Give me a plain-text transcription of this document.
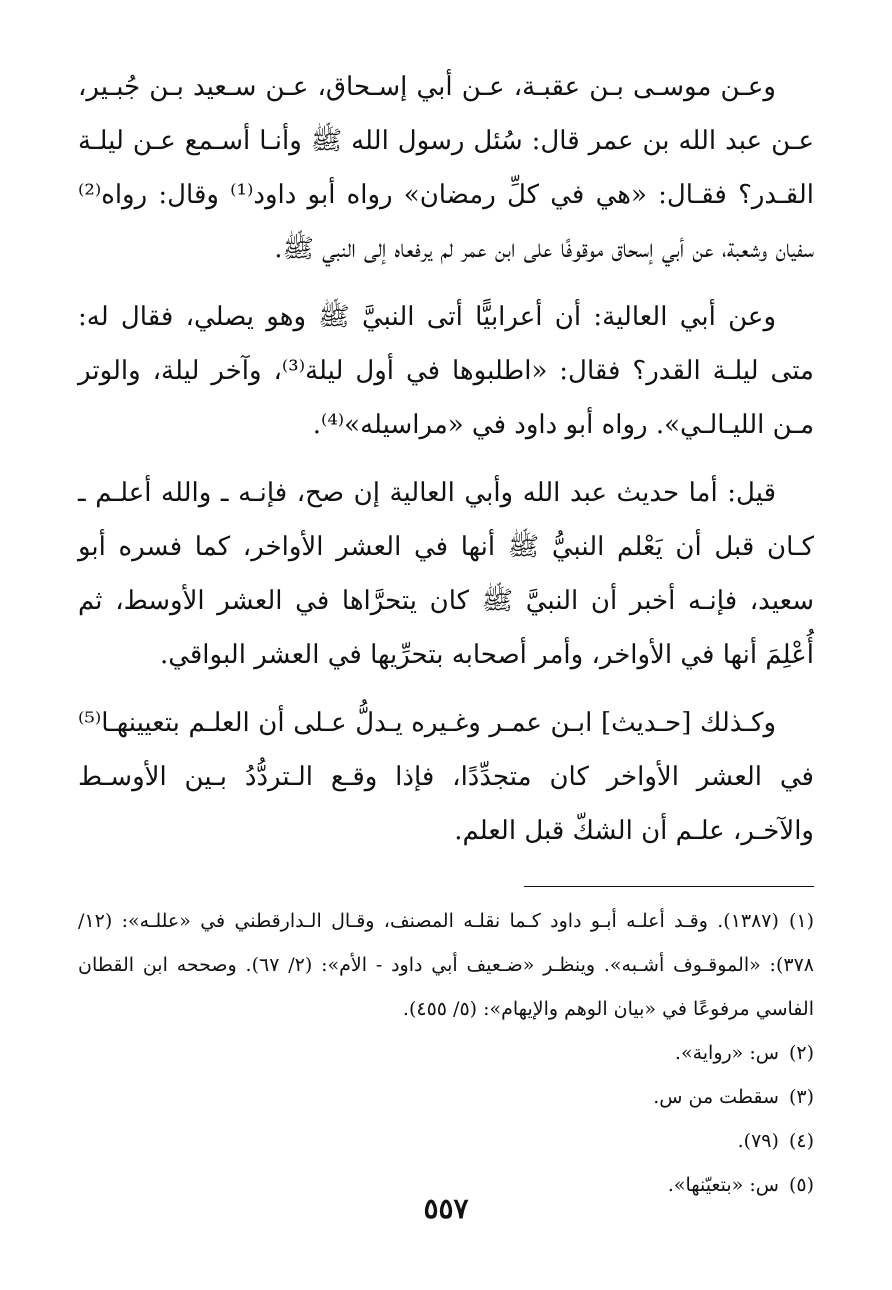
وعـن موسـى بـن عقبـة، عـن أبي إسـحاق، عـن سـعيد بـن جُبـير، عـن عبد الله بن عمر قال: سُئل رسول الله ﷺ وأنـا أسـمع عـن ليلـة القـدر؟ فقـال: «هي في كلِّ رمضان» رواه أبو داود⁽¹⁾ وقال: رواه⁽²⁾ سفيان وشعبة، عن أبي إسحاق موقوفًا على ابن عمر لم يرفعاه إلى النبي ﷺ.

وعن أبي العالية: أن أعرابيًّا أتى النبيَّ ﷺ وهو يصلي، فقال له: متى ليلـة القدر؟ فقال: «اطلبوها في أول ليلة⁽³⁾، وآخر ليلة، والوتر مـن الليـالـي». رواه أبو داود في «مراسيله»⁽⁴⁾.

قيل: أما حديث عبد الله وأبي العالية إن صح، فإنـه ـ والله أعلـم ـ كـان قبل أن يَعْلم النبيُّ ﷺ أنها في العشر الأواخر، كما فسره أبو سعيد، فإنـه أخبر أن النبيَّ ﷺ كان يتحرَّاها في العشر الأوسط، ثم أُعْلِمَ أنها في الأواخر، وأمر أصحابه بتحرِّيها في العشر البواقي.

وكـذلك [حـديث] ابـن عمـر وغـيره يـدلُّ عـلى أن العلـم بتعيينهـا⁽⁵⁾ في العشر الأواخر كان متجدِّدًا، فإذا وقـع الـتردُّدُ بـين الأوسـط والآخـر، علـم أن الشكّ قبل العلم.

(١)(١٣٨٧). وقـد أعلـه أبـو داود كـما نقلـه المصنف، وقـال الـدارقطني في «عللـه»: (١٢/ ٣٧٨): «الموقـوف أشـبه». وينظـر «ضـعيف أبي داود - الأم»: (٢/ ٦٧). وصححه ابن القطان الفاسي مرفوعًا في «بيان الوهم والإيهام»: (٥/ ٤٥٥).

(٢)س: «رواية».

(٣)سقطت من س.

(٤)(٧٩).

(٥)س: «بتعيّنها».

٥٥٧
